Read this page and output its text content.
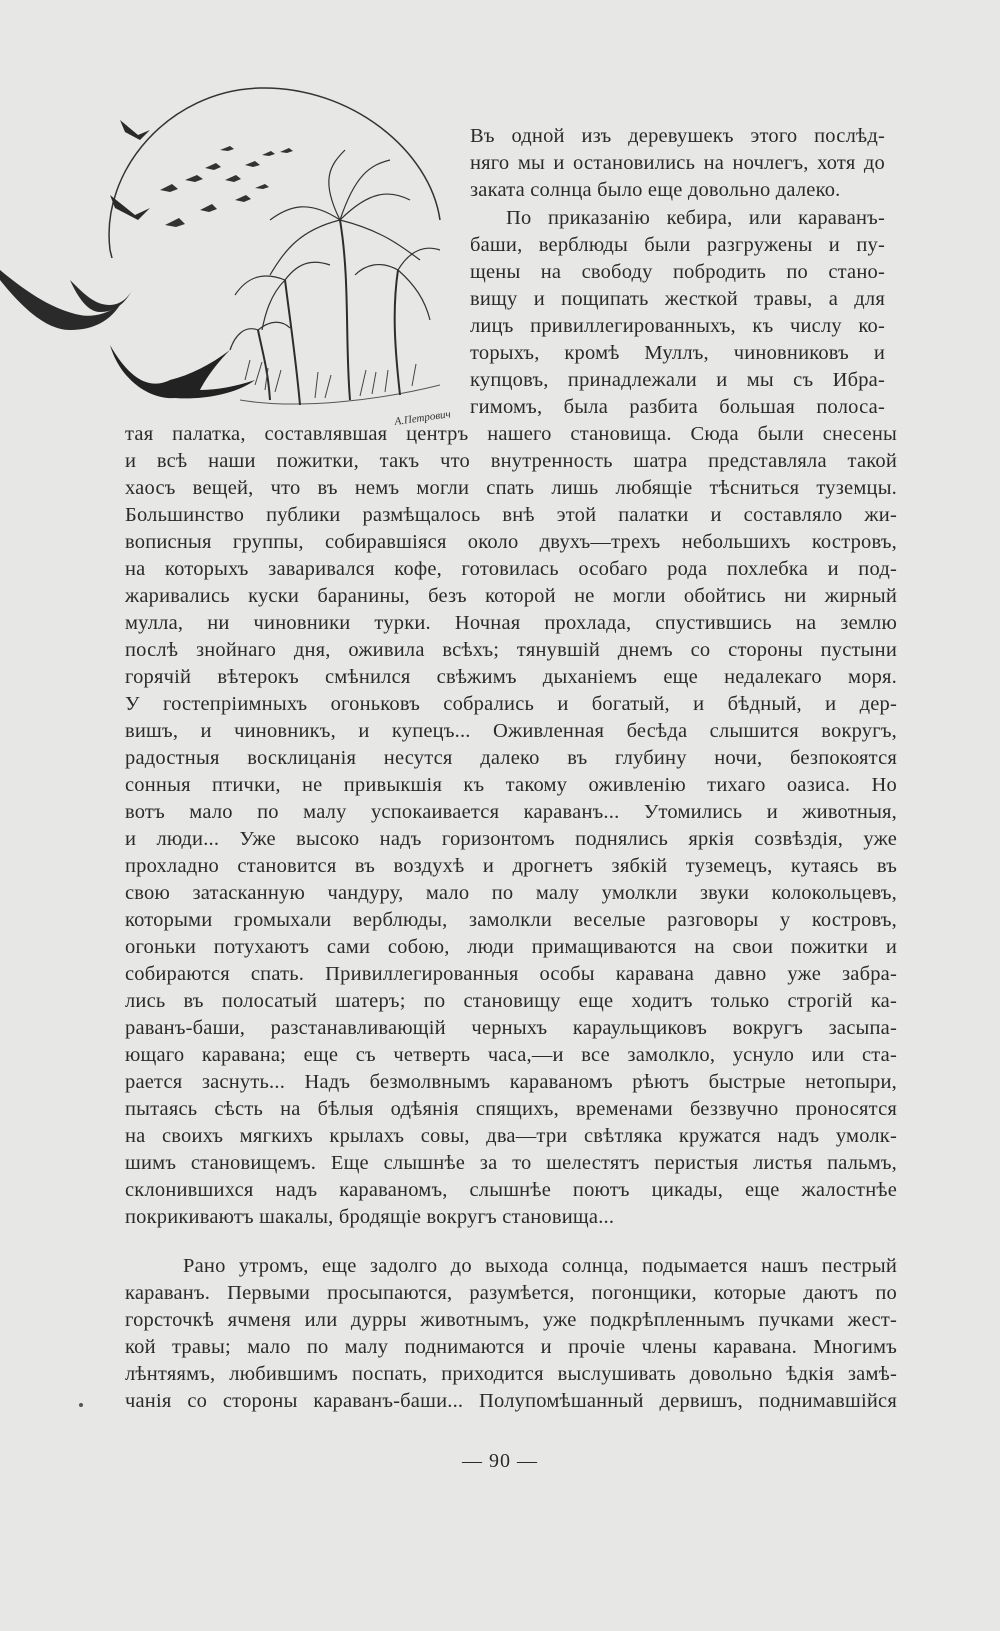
А.Петрович
Въ одной изъ деревушекъ этого послѣд-
няго мы и остановились на ночлегъ, хотя до
заката солнца было еще довольно далеко.
По приказанію кебира, или караванъ-
баши, верблюды были разгружены и пу-
щены на свободу побродить по стано-
вищу и пощипать жесткой травы, а для
лицъ привиллегированныхъ, къ числу ко-
торыхъ, кромѣ Муллъ, чиновниковъ и
купцовъ, принадлежали и мы съ Ибра-
гимомъ, была разбита большая полоса-
тая палатка, составлявшая центръ нашего становища. Сюда были снесены
и всѣ наши пожитки, такъ что внутренность шатра представляла такой
хаосъ вещей, что въ немъ могли спать лишь любящіе тѣсниться туземцы.
Большинство публики размѣщалось внѣ этой палатки и составляло жи-
вописныя группы, собиравшіяся около двухъ—трехъ небольшихъ костровъ,
на которыхъ заваривался кофе, готовилась особаго рода похлебка и под-
жаривались куски баранины, безъ которой не могли обойтись ни жирный
мулла, ни чиновники турки. Ночная прохлада, спустившись на землю
послѣ знойнаго дня, оживила всѣхъ; тянувшій днемъ со стороны пустыни
горячій вѣтерокъ смѣнился свѣжимъ дыханіемъ еще недалекаго моря.
У гостепріимныхъ огоньковъ собрались и богатый, и бѣдный, и дер-
вишъ, и чиновникъ, и купецъ... Оживленная бесѣда слышится вокругъ,
радостныя восклицанія несутся далеко въ глубину ночи, безпокоятся
сонныя птички, не привыкшія къ такому оживленію тихаго оазиса. Но
вотъ мало по малу успокаивается караванъ... Утомились и животныя,
и люди... Уже высоко надъ горизонтомъ поднялись яркія созвѣздія, уже
прохладно становится въ воздухѣ и дрогнетъ зябкій туземецъ, кутаясь въ
свою затасканную чандуру, мало по малу умолкли звуки колокольцевъ,
которыми громыхали верблюды, замолкли веселые разговоры у костровъ,
огоньки потухаютъ сами собою, люди примащиваются на свои пожитки и
собираются спать. Привиллегированныя особы каравана давно уже забра-
лись въ полосатый шатеръ; по становищу еще ходитъ только строгій ка-
раванъ-баши, разстанавливающій черныхъ караульщиковъ вокругъ засыпа-
ющаго каравана; еще съ четверть часа,—и все замолкло, уснуло или ста-
рается заснуть... Надъ безмолвнымъ караваномъ рѣютъ быстрые нетопыри,
пытаясь сѣсть на бѣлыя одѣянія спящихъ, временами беззвучно проносятся
на своихъ мягкихъ крылахъ совы, два—три свѣтляка кружатся надъ умолк-
шимъ становищемъ. Еще слышнѣе за то шелестятъ перистыя листья пальмъ,
склонившихся надъ караваномъ, слышнѣе поютъ цикады, еще жалостнѣе
покрикиваютъ шакалы, бродящіе вокругъ становища...
Рано утромъ, еще задолго до выхода солнца, подымается нашъ пестрый
караванъ. Первыми просыпаются, разумѣется, погонщики, которые даютъ по
горсточкѣ ячменя или дурры животнымъ, уже подкрѣпленнымъ пучками жест-
кой травы; мало по малу поднимаются и прочіе члены каравана. Многимъ
лѣнтяямъ, любившимъ поспать, приходится выслушивать довольно ѣдкія замѣ-
чанія со стороны караванъ-баши... Полупомѣшанный дервишъ, поднимавшійся
— 90 —
